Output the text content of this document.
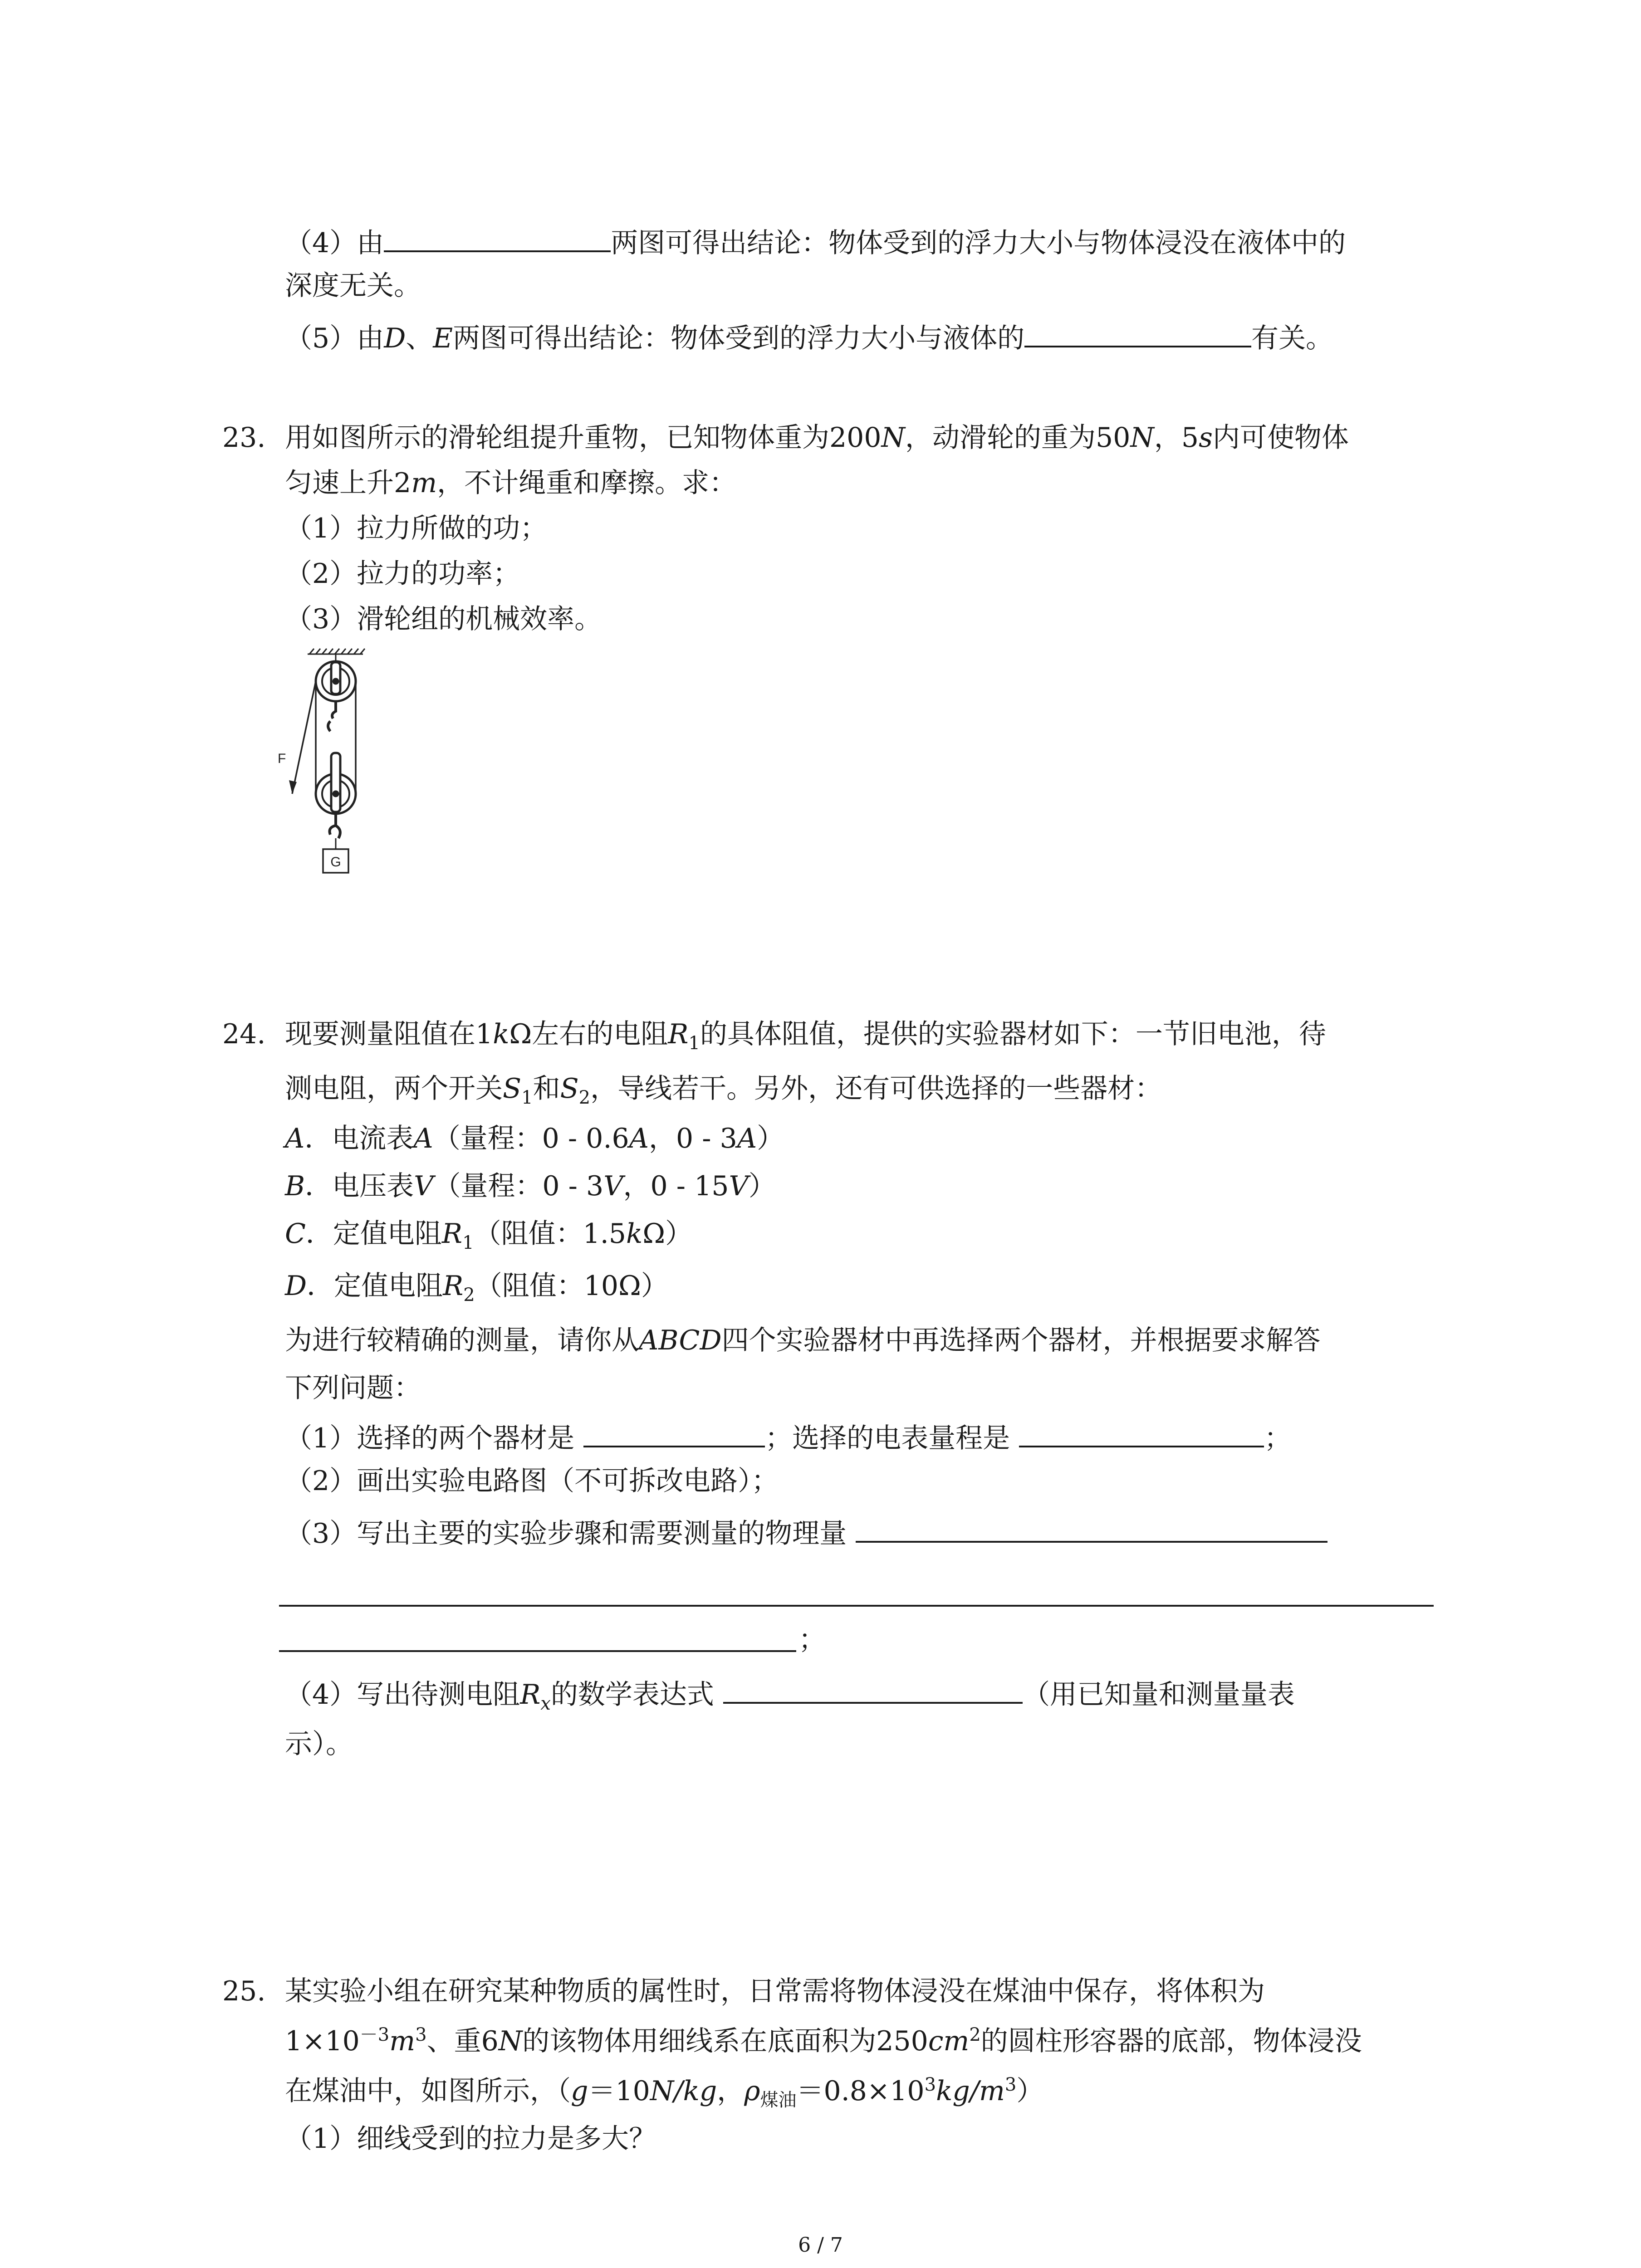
（4）由	两图可得出结论：物体受到的浮力大小与物体浸没在液体中的
深度无关。
（5）由D、E两图可得出结论：物体受到的浮力大小与液体的	有关。
23. 用如图所示的滑轮组提升重物，已知物体重为200N，动滑轮的重为50N，5s内可使物体
匀速上升2m，不计绳重和摩擦。求：
（1）拉力所做的功；
（2）拉力的功率；
（3）滑轮组的机械效率。
F
G
24. 现要测量阻值在1kΩ左右的电阻$R_1$的具体阻值，提供的实验器材如下：一节旧电池，待
测电阻，两个开关$S_1$和$S_2$，导线若干。另外，还有可供选择的一些器材：
A．电流表A（量程：0 - 0.6A，0 - 3A）
B．电压表V（量程：0 - 3V，0 - 15V）
C．定值电阻$R_1$（阻值：1.5kΩ）
D．定值电阻$R_2$（阻值：10Ω）
为进行较精确的测量，请你从ABCD四个实验器材中再选择两个器材，并根据要求解答
下列问题：
（1）选择的两个器材是	；选择的电表量程是	；
（2）画出实验电路图（不可拆改电路）；
（3）写出主要的实验步骤和需要测量的物理量
；
（4）写出待测电阻$R_x$的数学表达式	（用已知量和测量量表
示）。
25. 某实验小组在研究某种物质的属性时，日常需将物体浸没在煤油中保存，将体积为
$1\times 10^{-3}m^3$、重6N的该物体用细线系在底面积为$250cm^2$的圆柱形容器的底部，物体浸没
在煤油中，如图所示，（g＝10N/kg，$\rho_{煤油}=0.8\times 10^3kg/m^3$）
（1）细线受到的拉力是多大？
6 / 7
